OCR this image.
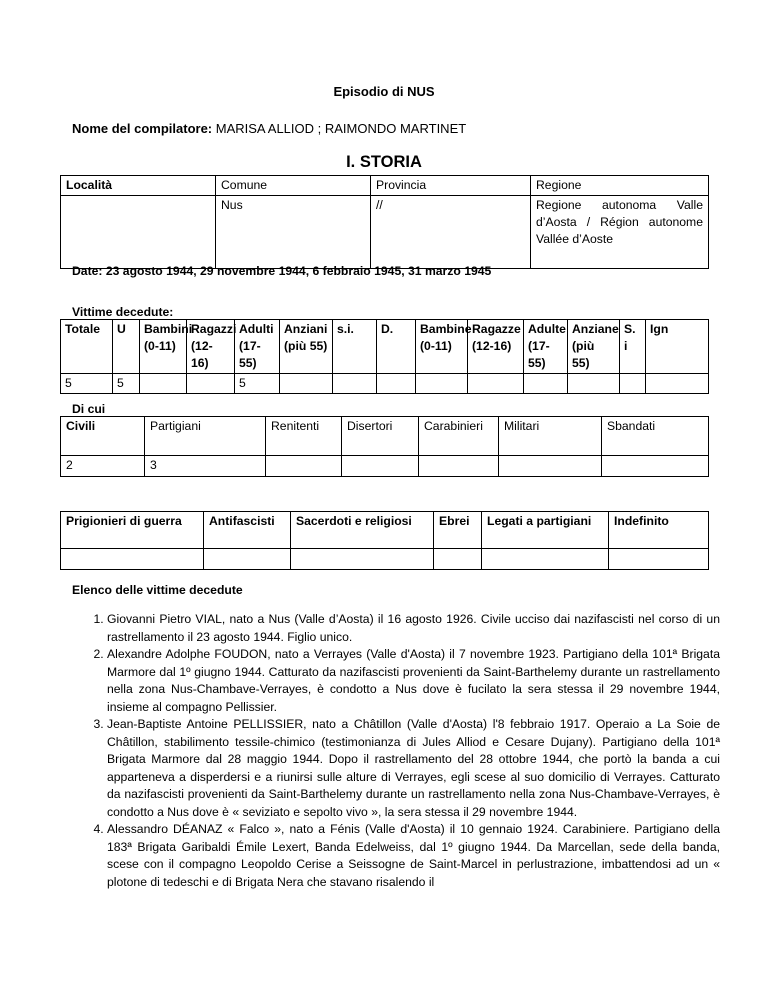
Episodio di NUS
Nome del compilatore: MARISA ALLIOD ; RAIMONDO MARTINET
I. STORIA
Località	Comune	Provincia	Regione
	Nus	//	Regione autonoma Valle d’Aosta / Région autonome Vallée d’Aoste
Date: 23 agosto 1944, 29 novembre 1944, 6 febbraio 1945, 31 marzo 1945
Vittime decedute:
Totale	U	Bambini (0-11)	Ragazzi (12-16)	Adulti (17-55)	Anziani (più 55)	s.i.	D.	Bambine (0-11)	Ragazze (12-16)	Adulte (17-55)	Anziane (più 55)	S. i	Ign
5	5			5									
Di cui
Civili	Partigiani	Renitenti	Disertori	Carabinieri	Militari	Sbandati
2	3					
Prigionieri di guerra	Antifascisti	Sacerdoti e religiosi	Ebrei	Legati a partigiani	Indefinito

Elenco delle vittime decedute
1. Giovanni Pietro VIAL, nato a Nus (Valle d’Aosta) il 16 agosto 1926. Civile ucciso dai nazifascisti nel corso di un rastrellamento il 23 agosto 1944. Figlio unico.
2. Alexandre Adolphe FOUDON, nato a Verrayes (Valle d'Aosta) il 7 novembre 1923. Partigiano della 101ª Brigata Marmore dal 1º giugno 1944. Catturato da nazifascisti provenienti da Saint-Barthelemy durante un rastrellamento nella zona Nus-Chambave-Verrayes, è condotto a Nus dove è fucilato la sera stessa il 29 novembre 1944, insieme al compagno Pellissier.
3. Jean-Baptiste Antoine PELLISSIER, nato a Châtillon (Valle d'Aosta) l'8 febbraio 1917. Operaio a La Soie de Châtillon, stabilimento tessile-chimico (testimonianza di Jules Alliod e Cesare Dujany). Partigiano della 101ª Brigata Marmore dal 28 maggio 1944. Dopo il rastrellamento del 28 ottobre 1944, che portò la banda a cui apparteneva a disperdersi e a riunirsi sulle alture di Verrayes, egli scese al suo domicilio di Verrayes. Catturato da nazifascisti provenienti da Saint-Barthelemy durante un rastrellamento nella zona Nus-Chambave-Verrayes, è condotto a Nus dove è « seviziato e sepolto vivo », la sera stessa il 29 novembre 1944.
4. Alessandro DÉANAZ « Falco », nato a Fénis (Valle d'Aosta) il 10 gennaio 1924. Carabiniere. Partigiano della 183ª Brigata Garibaldi Émile Lexert, Banda Edelweiss, dal 1º giugno 1944. Da Marcellan, sede della banda, scese con il compagno Leopoldo Cerise a Seissogne de Saint-Marcel in perlustrazione, imbattendosi ad un « plotone di tedeschi e di Brigata Nera che stavano risalendo il
